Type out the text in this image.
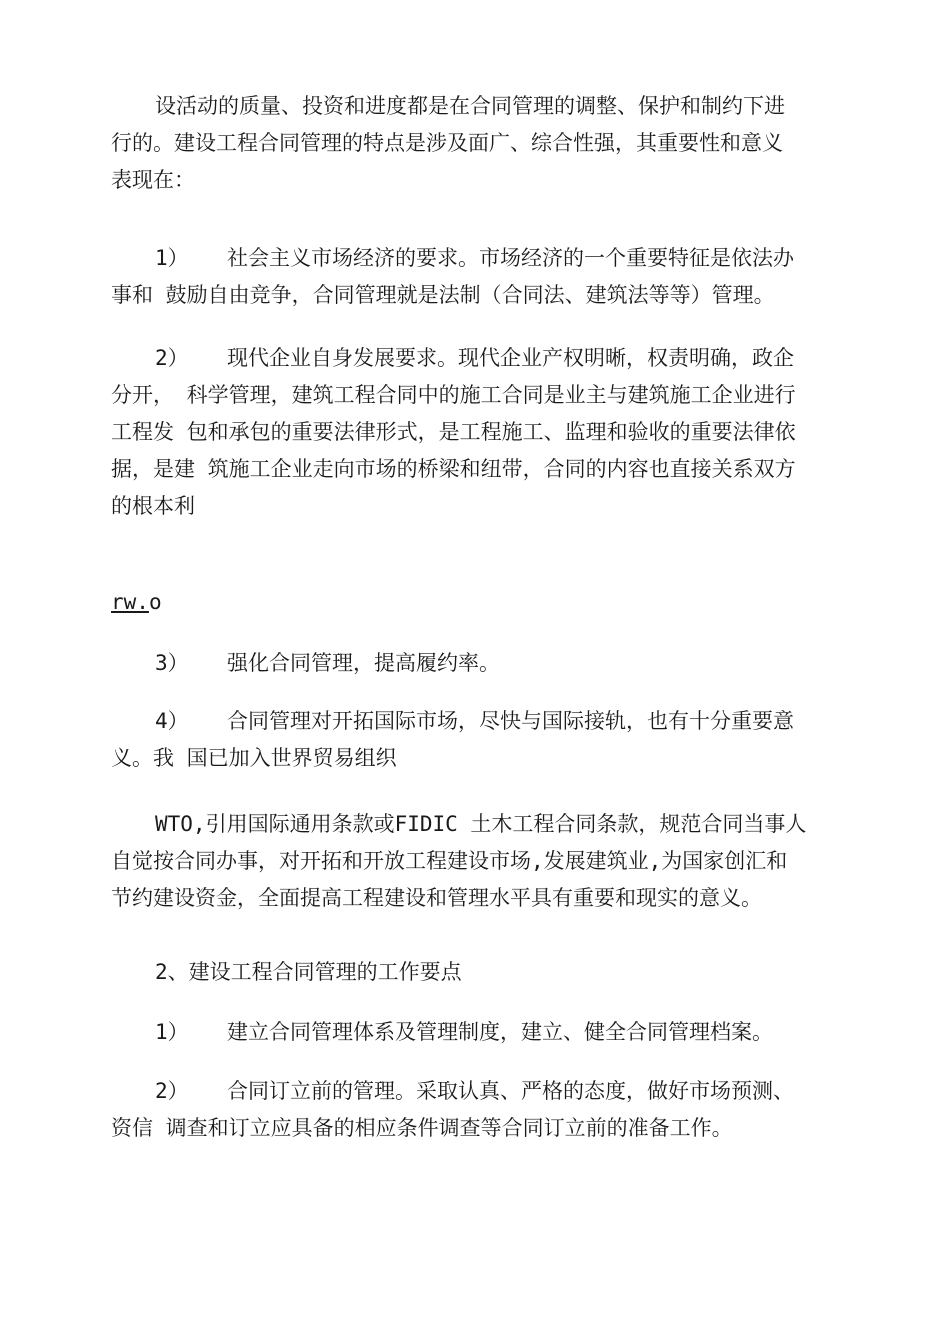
设活动的质量、投资和进度都是在合同管理的调整、保护和制约下进
行的。建设工程合同管理的特点是涉及面广、综合性强，其重要性和意义
表现在：

1） 社会主义市场经济的要求。市场经济的一个重要特征是依法办
事和 鼓励自由竞争，合同管理就是法制（合同法、建筑法等等）管理。

2） 现代企业自身发展要求。现代企业产权明晰，权责明确，政企
分开， 科学管理，建筑工程合同中的施工合同是业主与建筑施工企业进行
工程发 包和承包的重要法律形式，是工程施工、监理和验收的重要法律依
据，是建 筑施工企业走向市场的桥梁和纽带，合同的内容也直接关系双方
的根本利

rw.o

3） 强化合同管理，提高履约率。

4） 合同管理对开拓国际市场，尽快与国际接轨，也有十分重要意
义。我 国已加入世界贸易组织

WTO,引用国际通用条款或FIDIC 土木工程合同条款，规范合同当事人
自觉按合同办事，对开拓和开放工程建设市场,发展建筑业,为国家创汇和
节约建设资金，全面提高工程建设和管理水平具有重要和现实的意义。

2、建设工程合同管理的工作要点

1） 建立合同管理体系及管理制度，建立、健全合同管理档案。

2） 合同订立前的管理。采取认真、严格的态度，做好市场预测、
资信 调查和订立应具备的相应条件调查等合同订立前的准备工作。
